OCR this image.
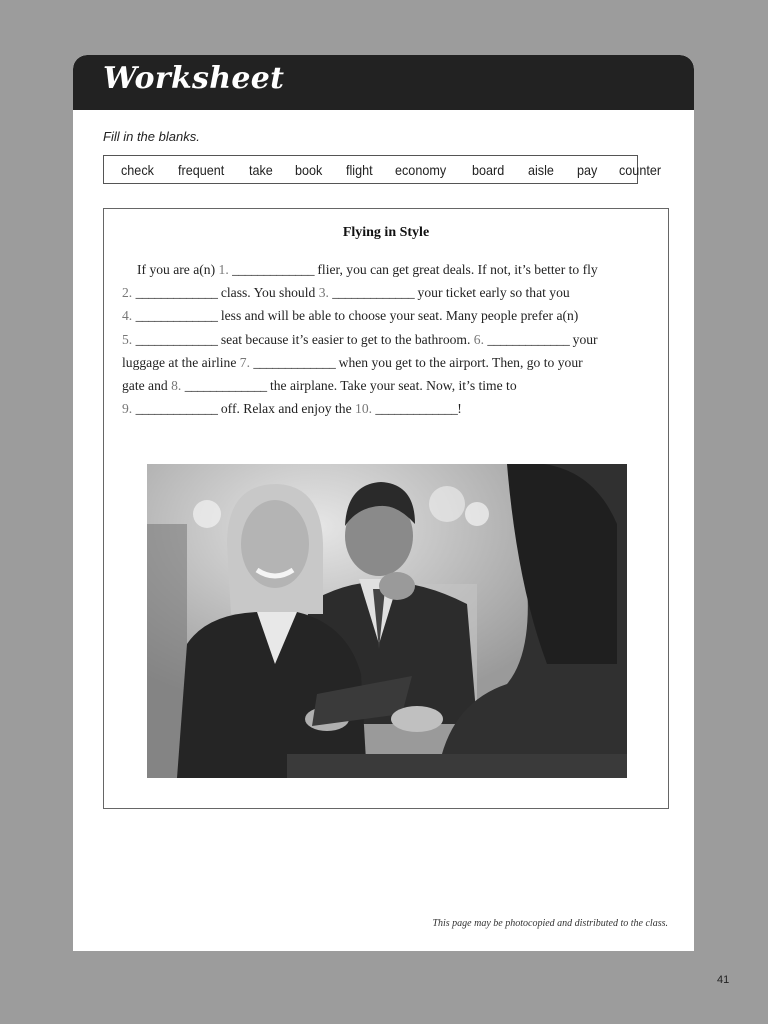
Worksheet
Fill in the blanks.
check frequent take book flight economy board aisle pay counter
Flying in Style
If you are a(n) 1. _____________ flier, you can get great deals. If not, it’s better to fly
2. _____________ class. You should 3. _____________ your ticket early so that you
4. _____________ less and will be able to choose your seat. Many people prefer a(n)
5. _____________ seat because it’s easier to get to the bathroom. 6. _____________ your
luggage at the airline 7. _____________ when you get to the airport. Then, go to your
gate and 8. _____________ the airplane. Take your seat. Now, it’s time to
9. _____________ off. Relax and enjoy the 10. _____________!
This page may be photocopied and distributed to the class.
41
